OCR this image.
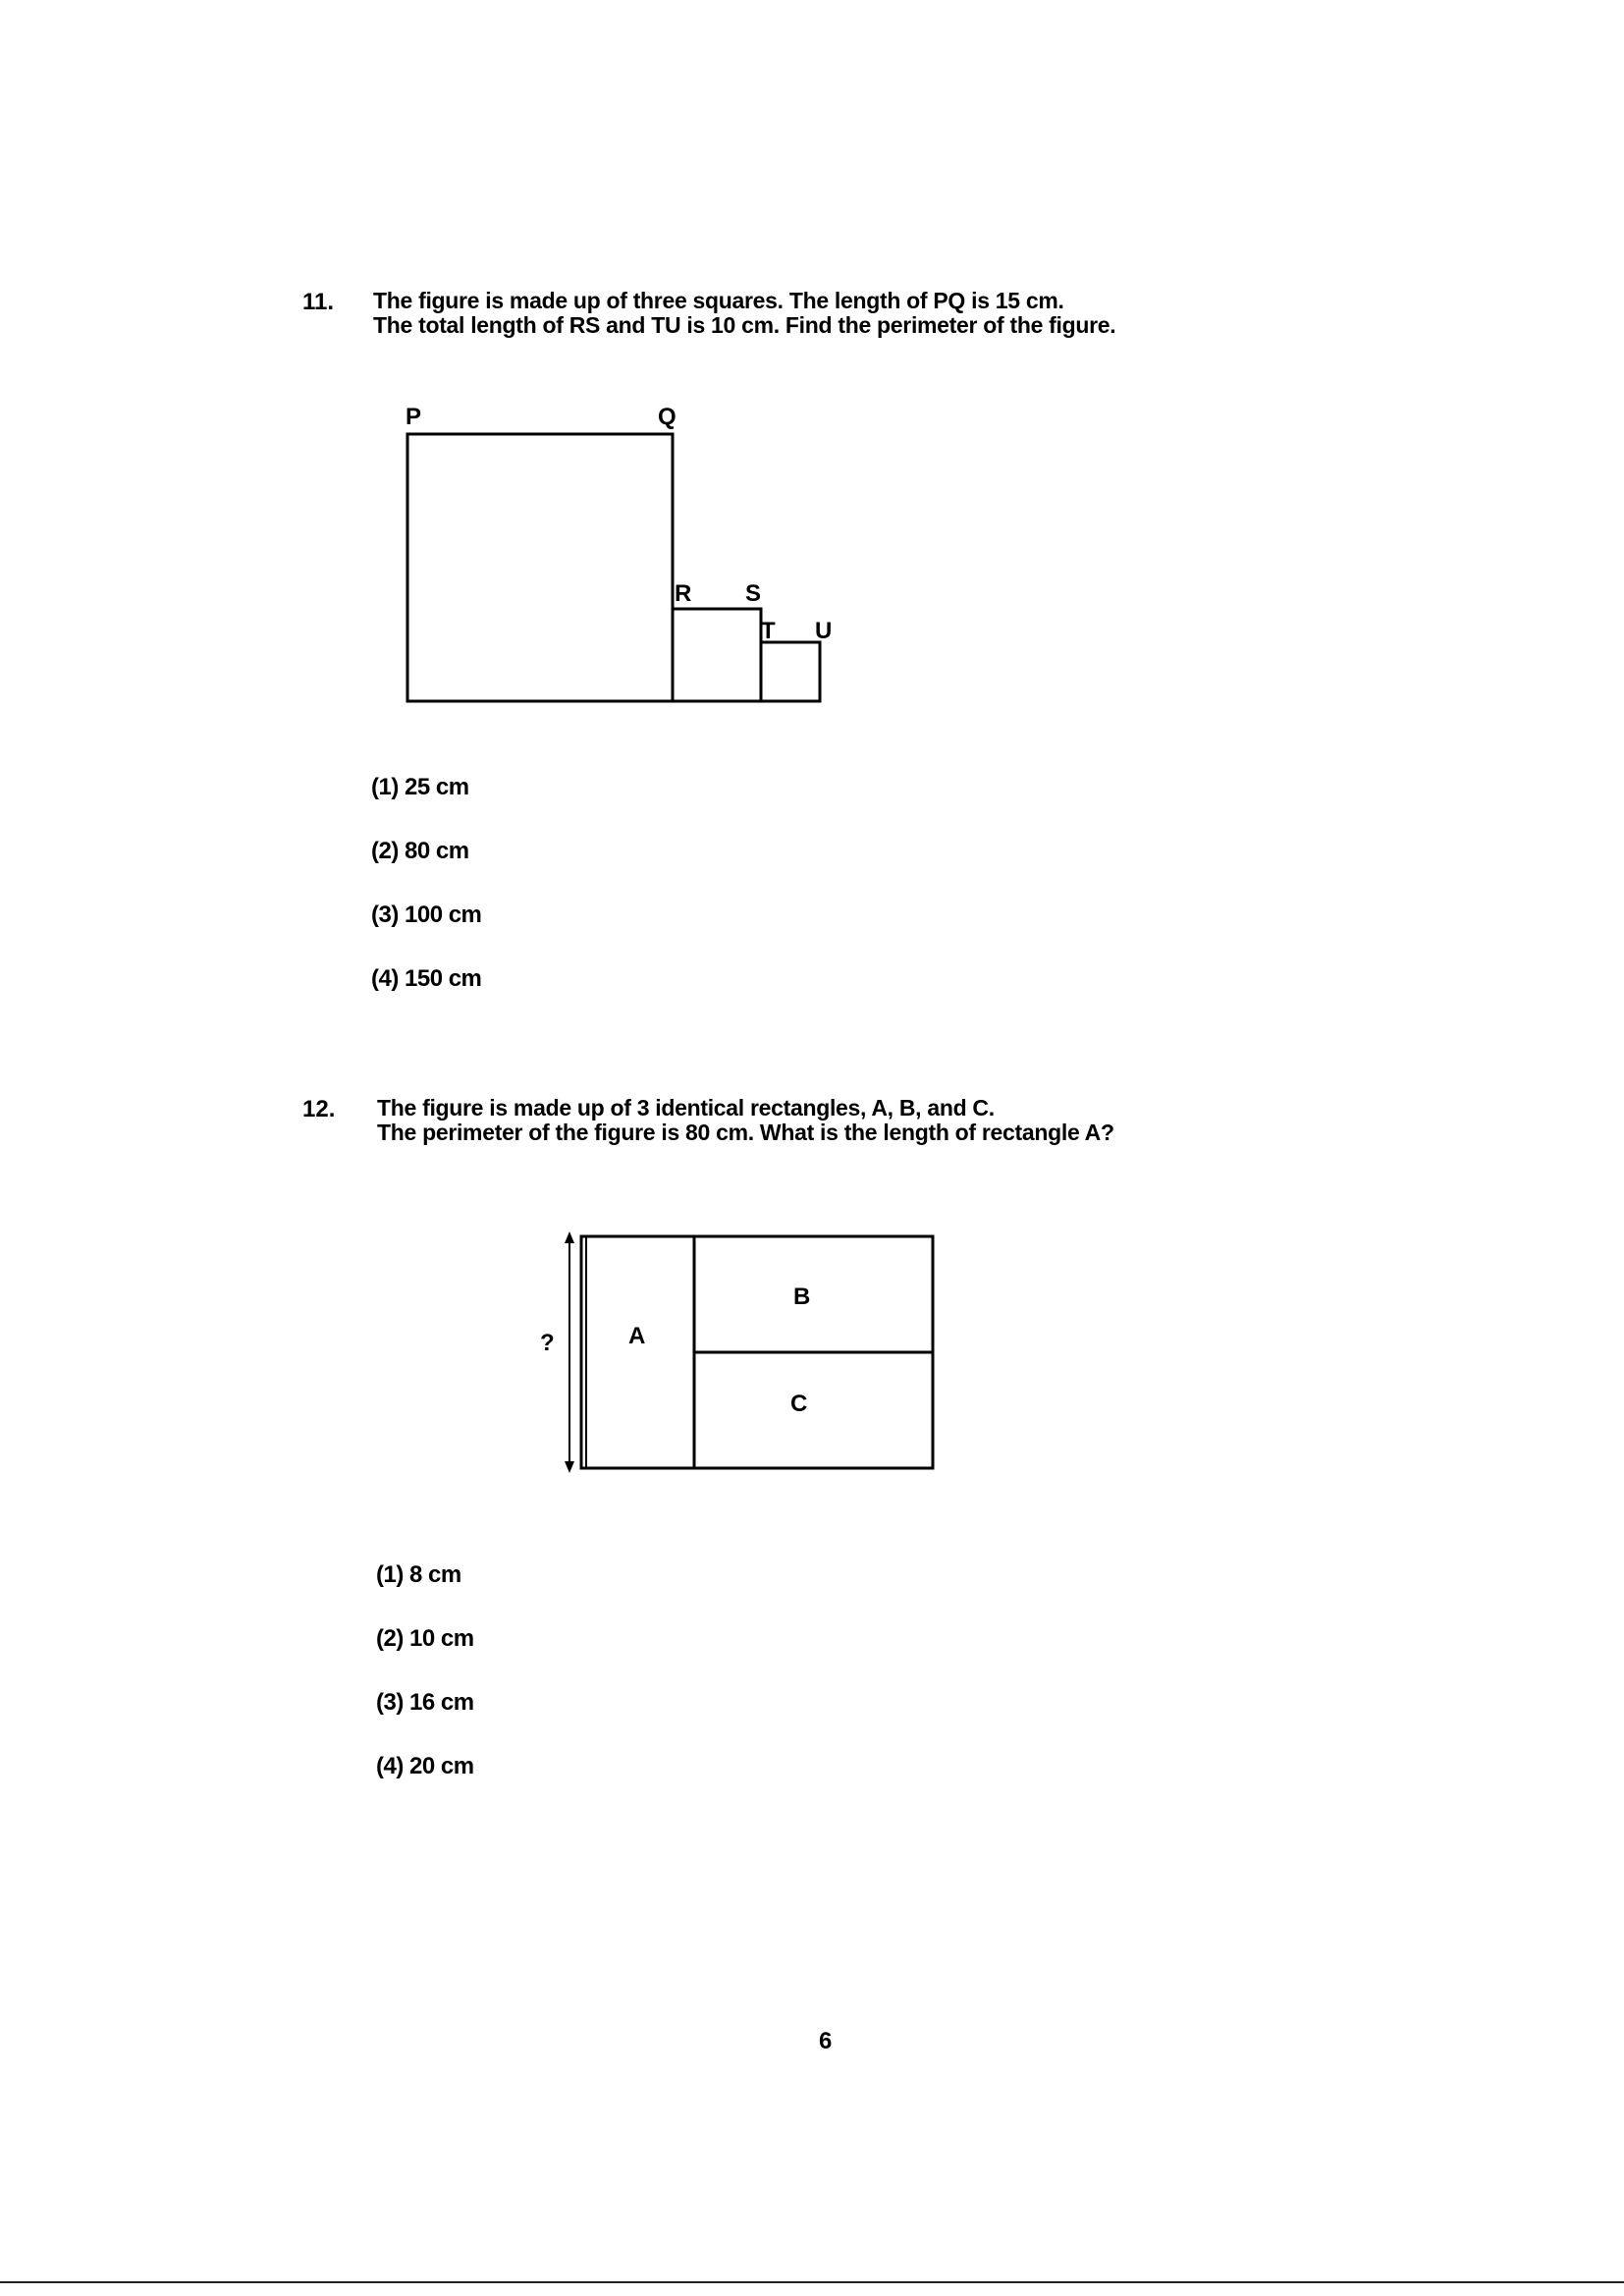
11. The figure is made up of three squares. The length of PQ is 15 cm.
The total length of RS and TU is 10 cm. Find the perimeter of the figure.
P	Q
R S
T U
(1) 25 cm
(2) 80 cm
(3) 100 cm
(4) 150 cm
12. The figure is made up of 3 identical rectangles, A, B, and C.
The perimeter of the figure is 80 cm. What is the length of rectangle A?
?	A
B
C
(1) 8 cm
(2) 10 cm
(3) 16 cm
(4) 20 cm
6
